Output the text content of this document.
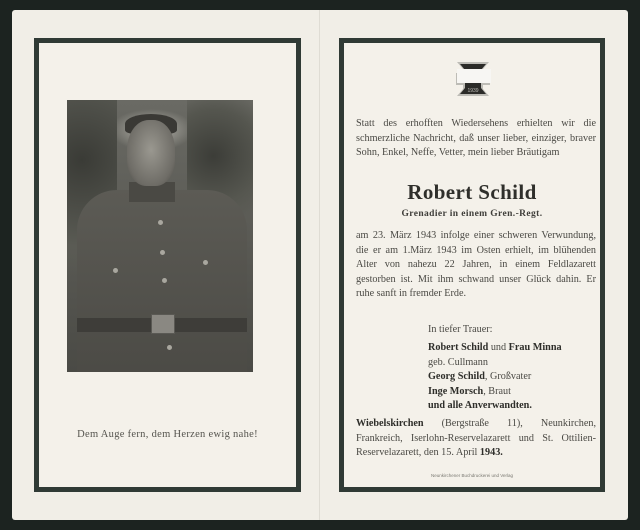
Dem Auge fern, dem Herzen ewig nahe!
1939
Statt des erhofften Wiedersehens erhielten wir die schmerzliche Nachricht, daß unser lieber, einziger, braver Sohn, Enkel, Neffe, Vetter, mein lieber Bräutigam
Robert Schild
Grenadier in einem Gren.-Regt.
am 23. März 1943 infolge einer schweren Verwundung, die er am 1.März 1943 im Osten erhielt, im blühenden Alter von nahezu 22 Jahren, in einem Feldlazarett gestorben ist. Mit ihm schwand unser Glück dahin. Er ruhe sanft in fremder Erde.
In tiefer Trauer:
Robert Schild und Frau Minna
geb. Cullmann
Georg Schild, Großvater
Inge Morsch, Braut
und alle Anverwandten.
Wiebelskirchen (Bergstraße 11), Neunkirchen, Frankreich, Iserlohn-Reservelazarett und St. Ottilien-Reservelazarett, den 15. April 1943.
Neunkirchener Buchdruckerei und Verlag
